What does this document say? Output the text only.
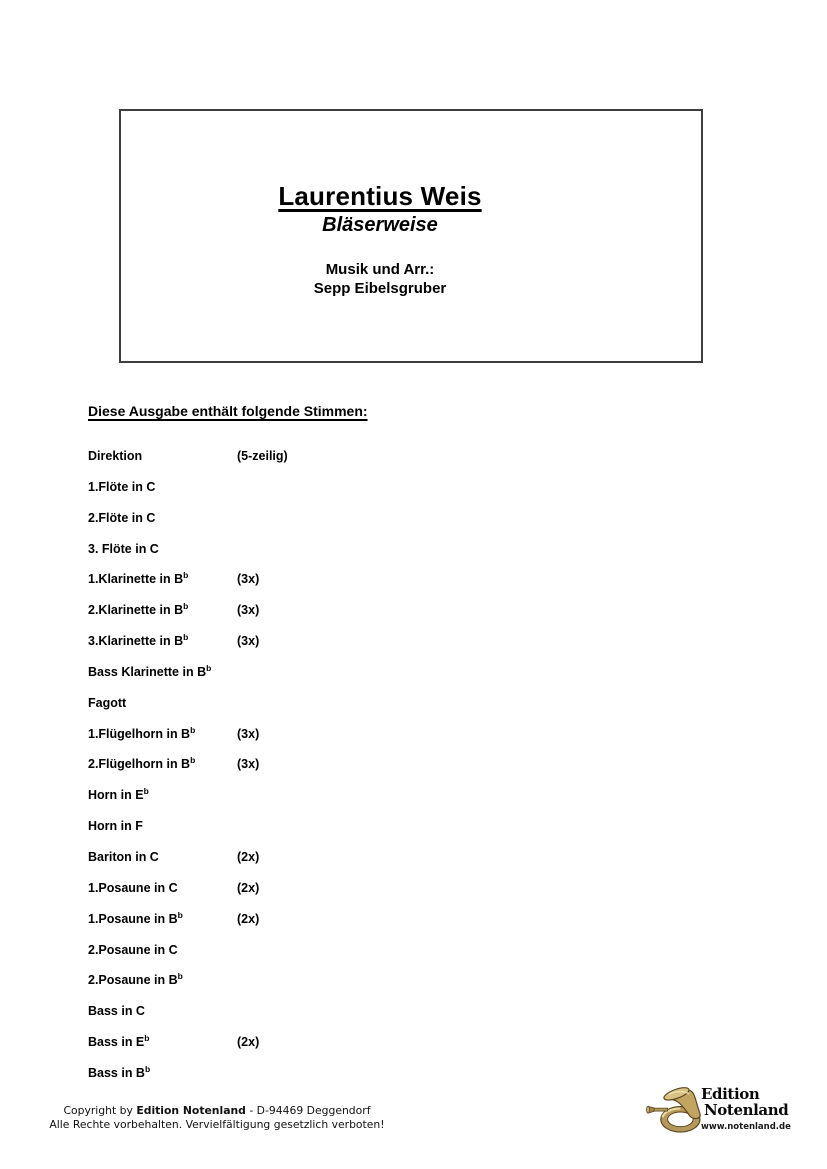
Laurentius Weis
Bläserweise
Musik und Arr.:
Sepp Eibelsgruber
Diese Ausgabe enthält folgende Stimmen:
Direktion	(5-zeilig)
1.Flöte in C
2.Flöte in C
3. Flöte in C
1.Klarinette in $B^b$	(3x)
2.Klarinette in $B^b$	(3x)
3.Klarinette in $B^b$	(3x)
Bass Klarinette in $B^b$
Fagott
1.Flügelhorn in $B^b$	(3x)
2.Flügelhorn in $B^b$	(3x)
Horn in $E^b$
Horn in F
Bariton in C	(2x)
1.Posaune in C	(2x)
1.Posaune in $B^b$	(2x)
2.Posaune in C
2.Posaune in $B^b$
Bass in C
Bass in $E^b$	(2x)
Bass in $B^b$
Copyright by Edition Notenland - D-94469 Deggendorf
Alle Rechte vorbehalten. Vervielfältigung gesetzlich verboten!
Edition
Notenland
www.notenland.de
